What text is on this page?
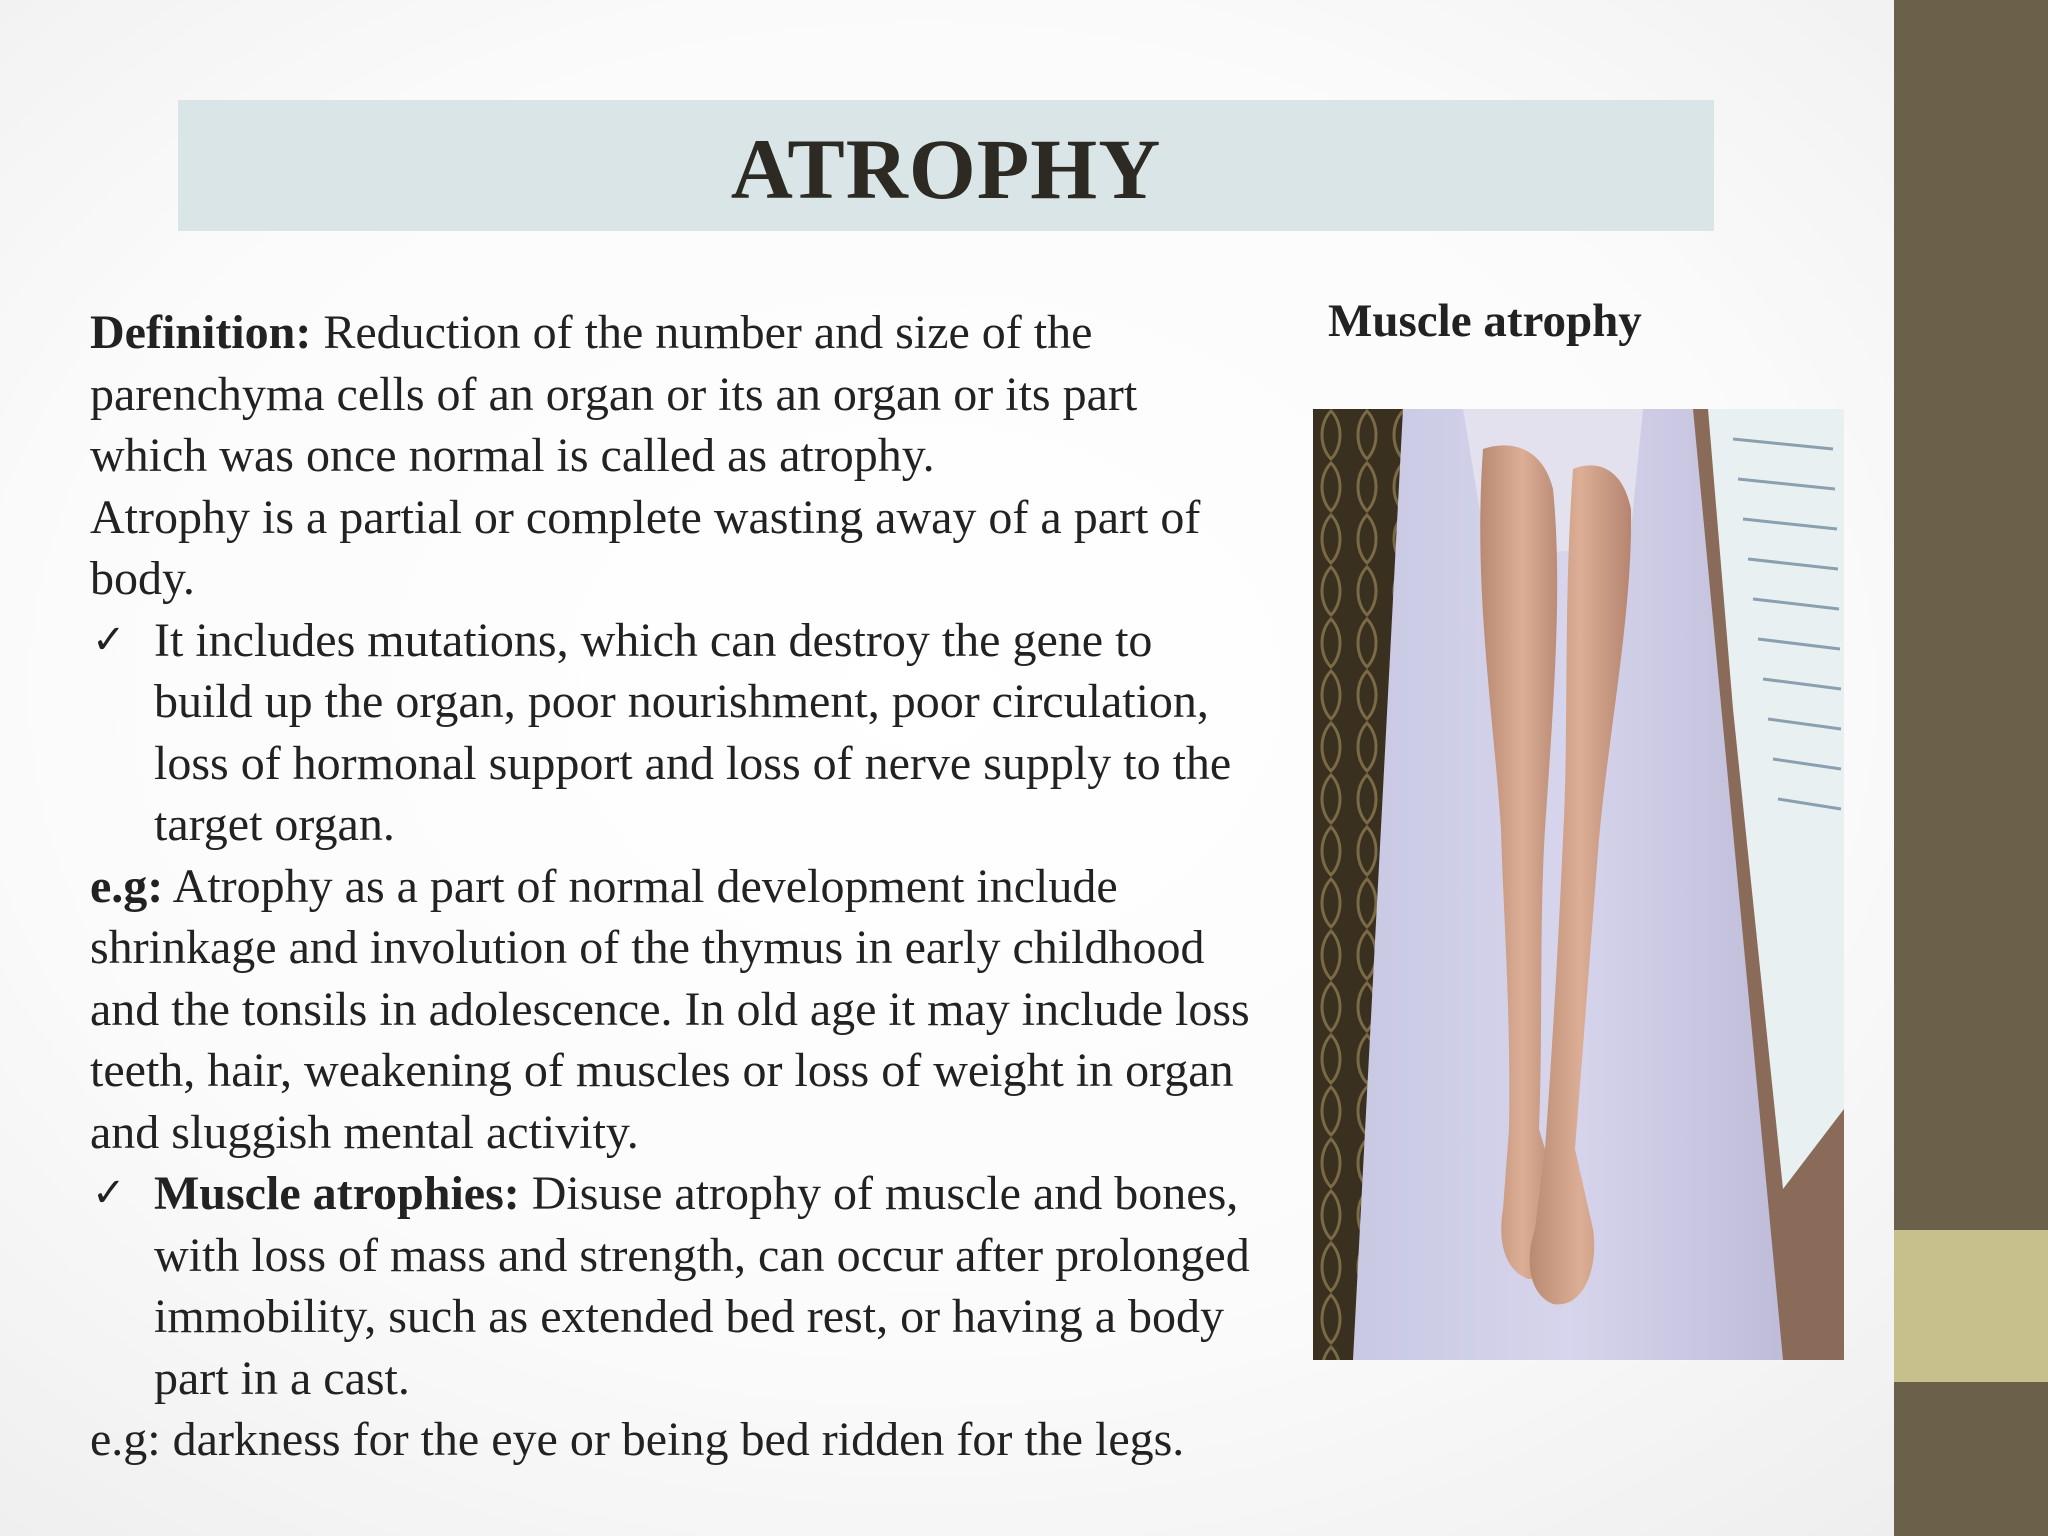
ATROPHY

Definition: Reduction of the number and size of the parenchyma cells of an organ or its an organ or its part which was once normal is called as atrophy.

Atrophy is a partial or complete wasting away of a part of body.

✓ It includes mutations, which can destroy the gene to build up the organ, poor nourishment, poor circulation, loss of hormonal support and loss of nerve supply to the target organ.

e.g: Atrophy as a part of normal development include shrinkage and involution of the thymus in early childhood and the tonsils in adolescence. In old age it may include loss teeth, hair, weakening of muscles or loss of weight in organ and sluggish mental activity.

✓ Muscle atrophies: Disuse atrophy of muscle and bones, with loss of mass and strength, can occur after prolonged immobility, such as extended bed rest, or having a body part in a cast.

e.g: darkness for the eye or being bed ridden for the legs.

Muscle atrophy
